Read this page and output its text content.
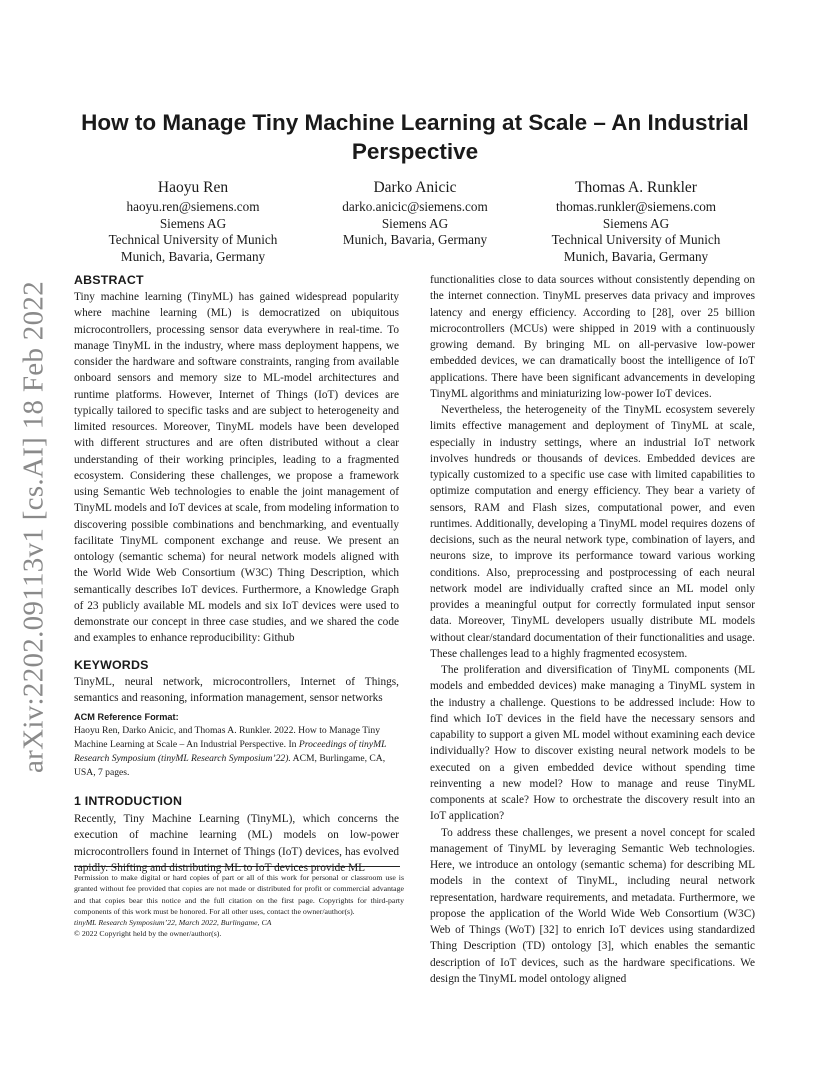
arXiv:2202.09113v1 [cs.AI] 18 Feb 2022
How to Manage Tiny Machine Learning at Scale – An Industrial Perspective
Haoyu Ren
haoyu.ren@siemens.com
Siemens AG
Technical University of Munich
Munich, Bavaria, Germany
Darko Anicic
darko.anicic@siemens.com
Siemens AG
Munich, Bavaria, Germany
Thomas A. Runkler
thomas.runkler@siemens.com
Siemens AG
Technical University of Munich
Munich, Bavaria, Germany
ABSTRACT

Tiny machine learning (TinyML) has gained widespread popularity where machine learning (ML) is democratized on ubiquitous microcontrollers, processing sensor data everywhere in real-time. To manage TinyML in the industry, where mass deployment happens, we consider the hardware and software constraints, ranging from available onboard sensors and memory size to ML-model architectures and runtime platforms. However, Internet of Things (IoT) devices are typically tailored to specific tasks and are subject to heterogeneity and limited resources. Moreover, TinyML models have been developed with different structures and are often distributed without a clear understanding of their working principles, leading to a fragmented ecosystem. Considering these challenges, we propose a framework using Semantic Web technologies to enable the joint management of TinyML models and IoT devices at scale, from modeling information to discovering possible combinations and benchmarking, and eventually facilitate TinyML component exchange and reuse. We present an ontology (semantic schema) for neural network models aligned with the World Wide Web Consortium (W3C) Thing Description, which semantically describes IoT devices. Furthermore, a Knowledge Graph of 23 publicly available ML models and six IoT devices were used to demonstrate our concept in three case studies, and we shared the code and examples to enhance reproducibility: Github

KEYWORDS

TinyML, neural network, microcontrollers, Internet of Things, semantics and reasoning, information management, sensor networks

ACM Reference Format:

Haoyu Ren, Darko Anicic, and Thomas A. Runkler. 2022. How to Manage Tiny Machine Learning at Scale – An Industrial Perspective. In Proceedings of tinyML Research Symposium (tinyML Research Symposium’22). ACM, Burlingame, CA, USA, 7 pages.

1 INTRODUCTION

Recently, Tiny Machine Learning (TinyML), which concerns the execution of machine learning (ML) models on low-power microcontrollers found in Internet of Things (IoT) devices, has evolved rapidly. Shifting and distributing ML to IoT devices provide ML

Permission to make digital or hard copies of part or all of this work for personal or classroom use is granted without fee provided that copies are not made or distributed for profit or commercial advantage and that copies bear this notice and the full citation on the first page. Copyrights for third-party components of this work must be honored. For all other uses, contact the owner/author(s).

tinyML Research Symposium’22, March 2022, Burlingame, CA

© 2022 Copyright held by the owner/author(s).

functionalities close to data sources without consistently depending on the internet connection. TinyML preserves data privacy and improves latency and energy efficiency. According to [28], over 25 billion microcontrollers (MCUs) were shipped in 2019 with a continuously growing demand. By bringing ML on all-pervasive low-power embedded devices, we can dramatically boost the intelligence of IoT applications. There have been significant advancements in developing TinyML algorithms and miniaturizing low-power IoT devices.

Nevertheless, the heterogeneity of the TinyML ecosystem severely limits effective management and deployment of TinyML at scale, especially in industry settings, where an industrial IoT network involves hundreds or thousands of devices. Embedded devices are typically customized to a specific use case with limited capabilities to optimize computation and energy efficiency. They bear a variety of sensors, RAM and Flash sizes, computational power, and even runtimes. Additionally, developing a TinyML model requires dozens of decisions, such as the neural network type, combination of layers, and neurons size, to improve its performance toward various working conditions. Also, preprocessing and postprocessing of each neural network model are individually crafted since an ML model only provides a meaningful output for correctly formulated input sensor data. Moreover, TinyML developers usually distribute ML models without clear/standard documentation of their functionalities and usage. These challenges lead to a highly fragmented ecosystem.

The proliferation and diversification of TinyML components (ML models and embedded devices) make managing a TinyML system in the industry a challenge. Questions to be addressed include: How to find which IoT devices in the field have the necessary sensors and capability to support a given ML model without examining each device individually? How to discover existing neural network models to be executed on a given embedded device without spending time reinventing a new model? How to manage and reuse TinyML components at scale? How to orchestrate the discovery result into an IoT application?

To address these challenges, we present a novel concept for scaled management of TinyML by leveraging Semantic Web technologies. Here, we introduce an ontology (semantic schema) for describing ML models in the context of TinyML, including neural network representation, hardware requirements, and metadata. Furthermore, we propose the application of the World Wide Web Consortium (W3C) Web of Things (WoT) [32] to enrich IoT devices using standardized Thing Description (TD) ontology [3], which enables the semantic description of IoT devices, such as the hardware specifications. We design the TinyML model ontology aligned
